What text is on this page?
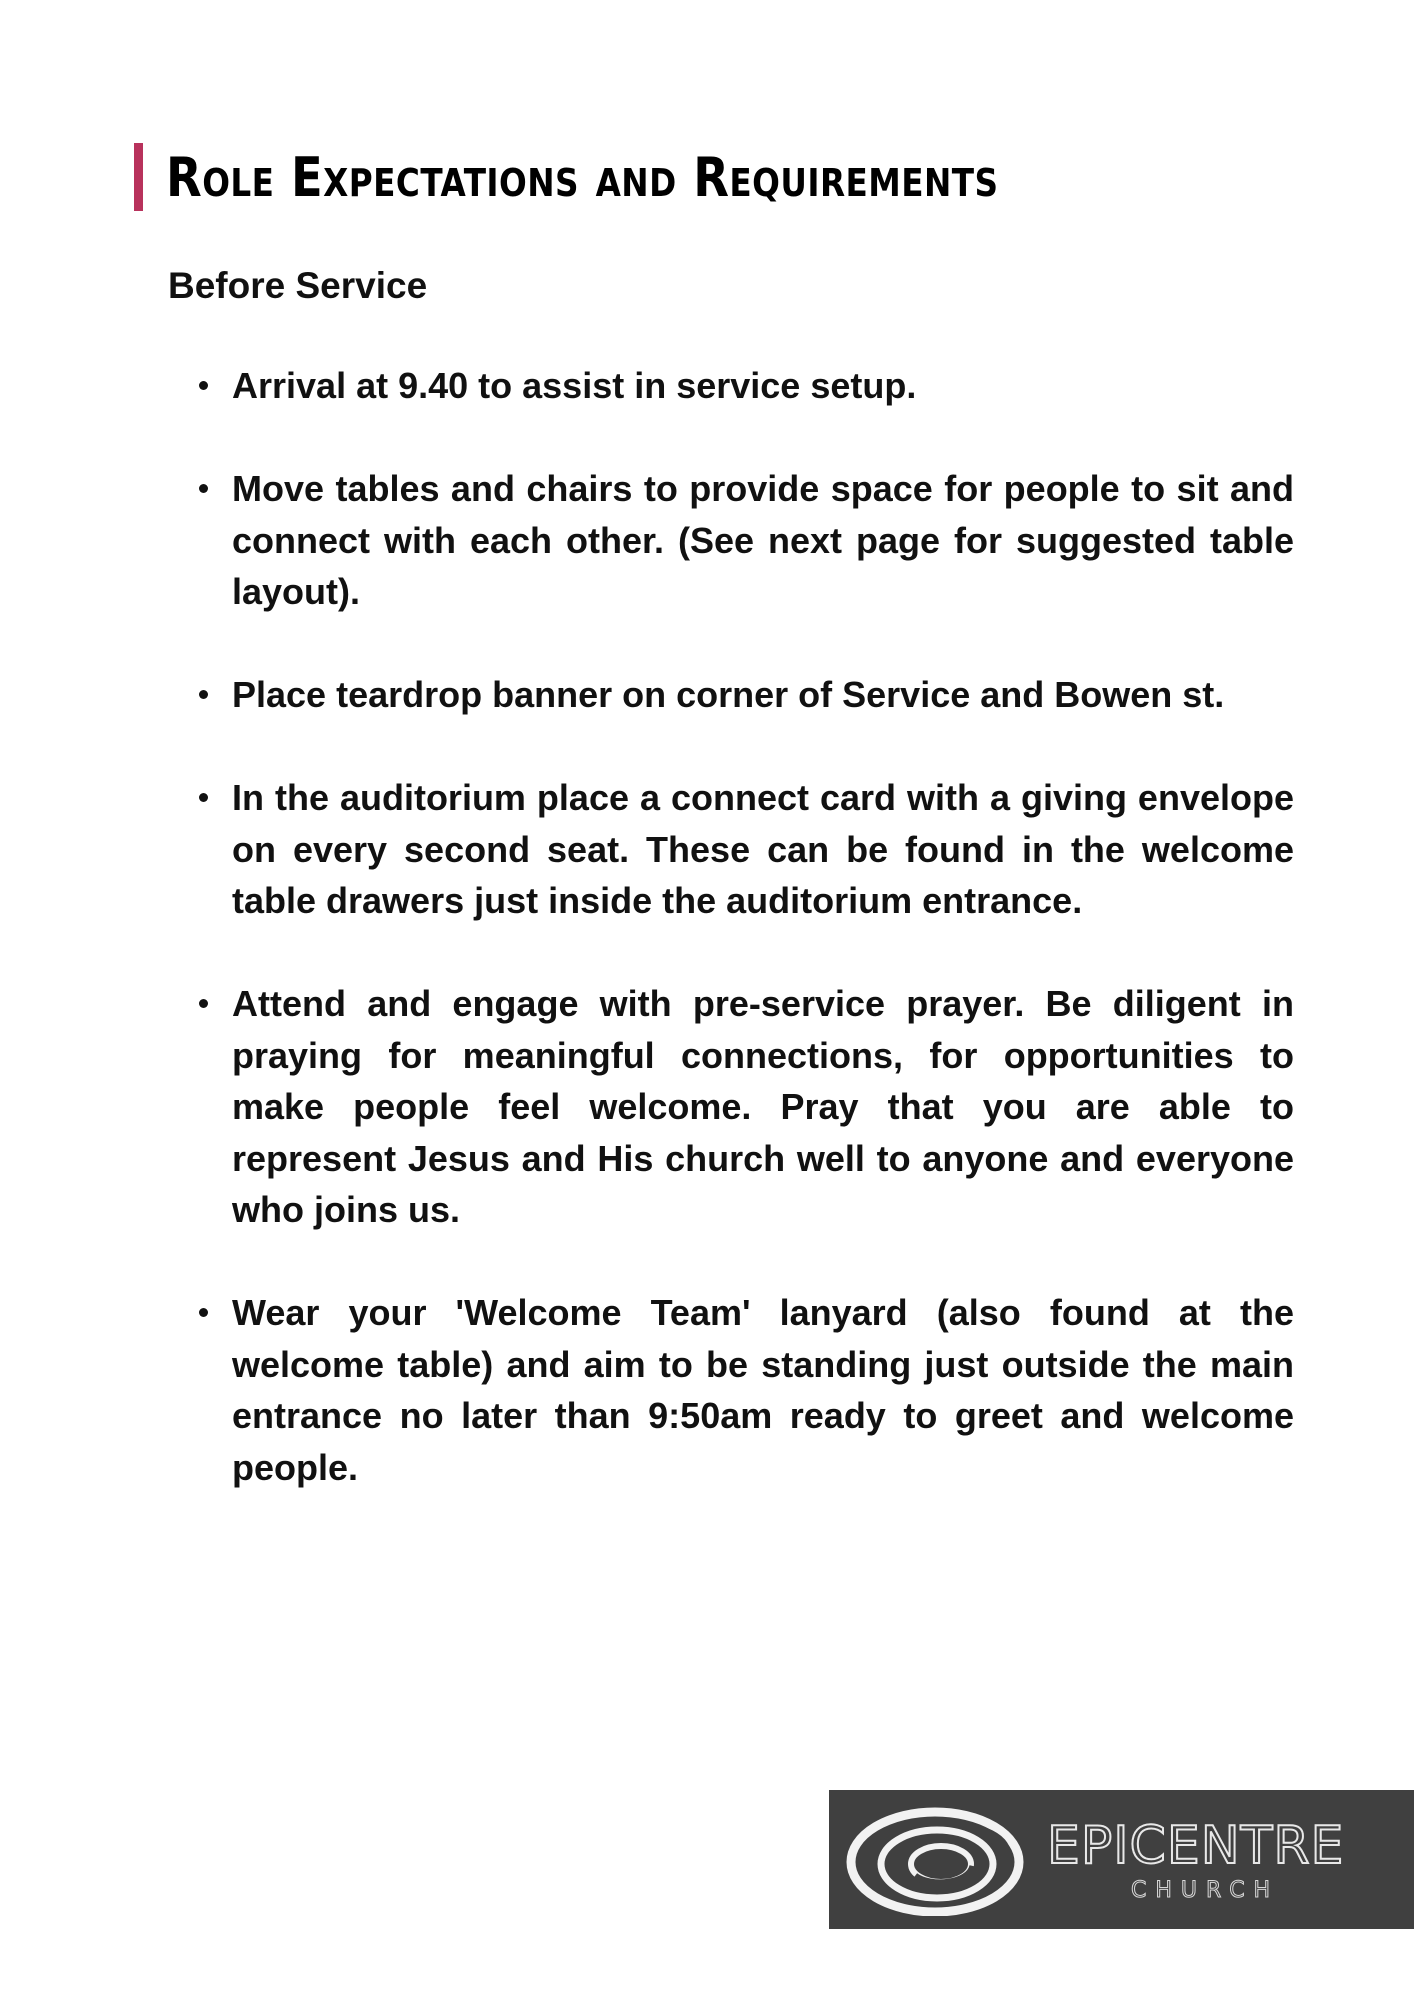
Role Expectations and Requirements
Before Service
Arrival at 9.40 to assist in service setup.
Move tables and chairs to provide space for people to sit and connect with each other. (See next page for suggested table layout).
Place teardrop banner on corner of Service and Bowen st.
In the auditorium place a connect card with a giving envelope on every second seat. These can be found in the welcome table drawers just inside the auditorium entrance.
Attend and engage with pre-service prayer. Be diligent in praying for meaningful connections, for opportunities to make people feel welcome. Pray that you are able to represent Jesus and His church well to anyone and everyone who joins us.
Wear your 'Welcome Team' lanyard (also found at the welcome table) and aim to be standing just outside the main entrance no later than 9:50am ready to greet and welcome people.
EPICENTRE
CHURCH
